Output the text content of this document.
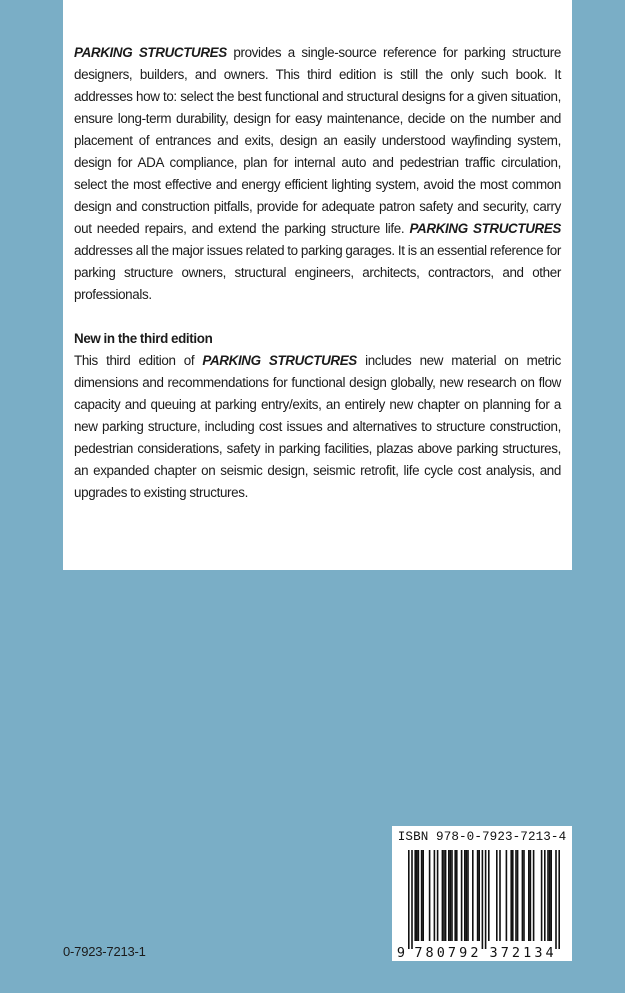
PARKING STRUCTURES provides a single-source reference for parking structure designers, builders, and owners. This third edition is still the only such book. It addresses how to: select the best functional and structural designs for a given situation, ensure long-term durability, design for easy maintenance, decide on the number and placement of entrances and exits, design an easily understood wayfinding system, design for ADA compliance, plan for internal auto and pedestrian traffic circulation, select the most effective and energy efficient lighting system, avoid the most common design and construction pitfalls, provide for adequate patron safety and security, carry out needed repairs, and extend the parking structure life. PARKING STRUCTURES addresses all the major issues related to parking garages. It is an essential reference for parking structure owners, structural engineers, architects, contractors, and other professionals.

New in the third edition

This third edition of PARKING STRUCTURES includes new material on metric dimensions and recommendations for functional design globally, new research on flow capacity and queuing at parking entry/exits, an entirely new chapter on planning for a new parking structure, including cost issues and alternatives to structure construction, pedestrian considerations, safety in parking facilities, plazas above parking structures, an expanded chapter on seismic design, seismic retrofit, life cycle cost analysis, and upgrades to existing structures.

ISBN 978-0-7923-7213-4
9 7 8 0 7 9 2 3 7 2 1 3 4
0-7923-7213-1
